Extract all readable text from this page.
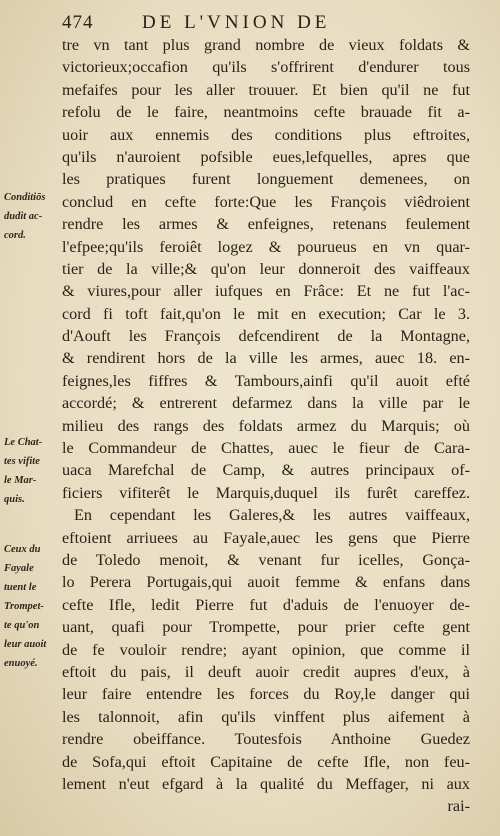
474	DE L'VNION DE
tre vn tant plus grand nombre de vieux foldats &
victorieux;occafion qu'ils s'offrirent d'endurer tous
mefaifes pour les aller trouuer. Et bien qu'il ne fut
refolu de le faire, neantmoins cefte brauade fit a-
uoir aux ennemis des conditions plus eftroites,
qu'ils n'auroient pofsible eues,lefquelles, apres que
les pratiques furent longuement demenees, on
conclud en cefte forte:Que les François viêdroient
rendre les armes & enfeignes, retenans feulement
l'efpee;qu'ils feroiêt logez & pourueus en vn quar-
tier de la ville;& qu'on leur donneroit des vaiffeaux
& viures,pour aller iufques en Frâce: Et ne fut l'ac-
cord fi toft fait,qu'on le mit en execution; Car le 3.
d'Aouft les François defcendirent de la Montagne,
& rendirent hors de la ville les armes, auec 18. en-
feignes,les fiffres & Tambours,ainfi qu'il auoit efté
accordé; & entrerent defarmez dans la ville par le
milieu des rangs des foldats armez du Marquis; où
le Commandeur de Chattes, auec le fieur de Cara-
uaca Marefchal de Camp, & autres principaux of-
ficiers vifiterêt le Marquis,duquel ils furêt careffez.
En cependant les Galeres,& les autres vaiffeaux,
eftoient arriuees au Fayale,auec les gens que Pierre
de Toledo menoit, & venant fur icelles, Gonça-
lo Perera Portugais,qui auoit femme & enfans dans
cefte Ifle, ledit Pierre fut d'aduis de l'enuoyer de-
uant, quafi pour Trompette, pour prier cefte gent
de fe vouloir rendre; ayant opinion, que comme il
eftoit du pais, il deuft auoir credit aupres d'eux, à
leur faire entendre les forces du Roy,le danger qui
les talonnoit, afin qu'ils vinffent plus aifement à
rendre obeiffance. Toutesfois Anthoine Guedez
de Sofa,qui eftoit Capitaine de cefte Ifle, non feu-
lement n'eut efgard à la qualité du Meffager, ni aux
rai-
Conditiōs
dudit ac-
cord.
Le Chat-
tes vifite
le Mar-
quis.
Ceux du
Fayale
tuent le
Trompet-
te qu'on
leur auoit
enuoyé.
